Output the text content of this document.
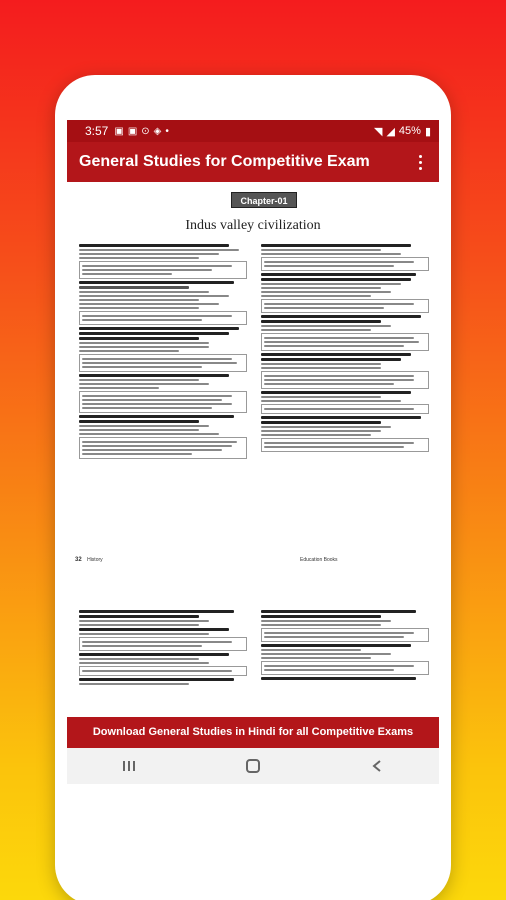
3:57 ▣ ▣ ⊙ ◈ •	◥ ◢ 45% ▮
General Studies for Competitive Exam
Chapter-01
Indus valley civilization
32 History	Education Books
Download General Studies in Hindi for all Competitive Exams
